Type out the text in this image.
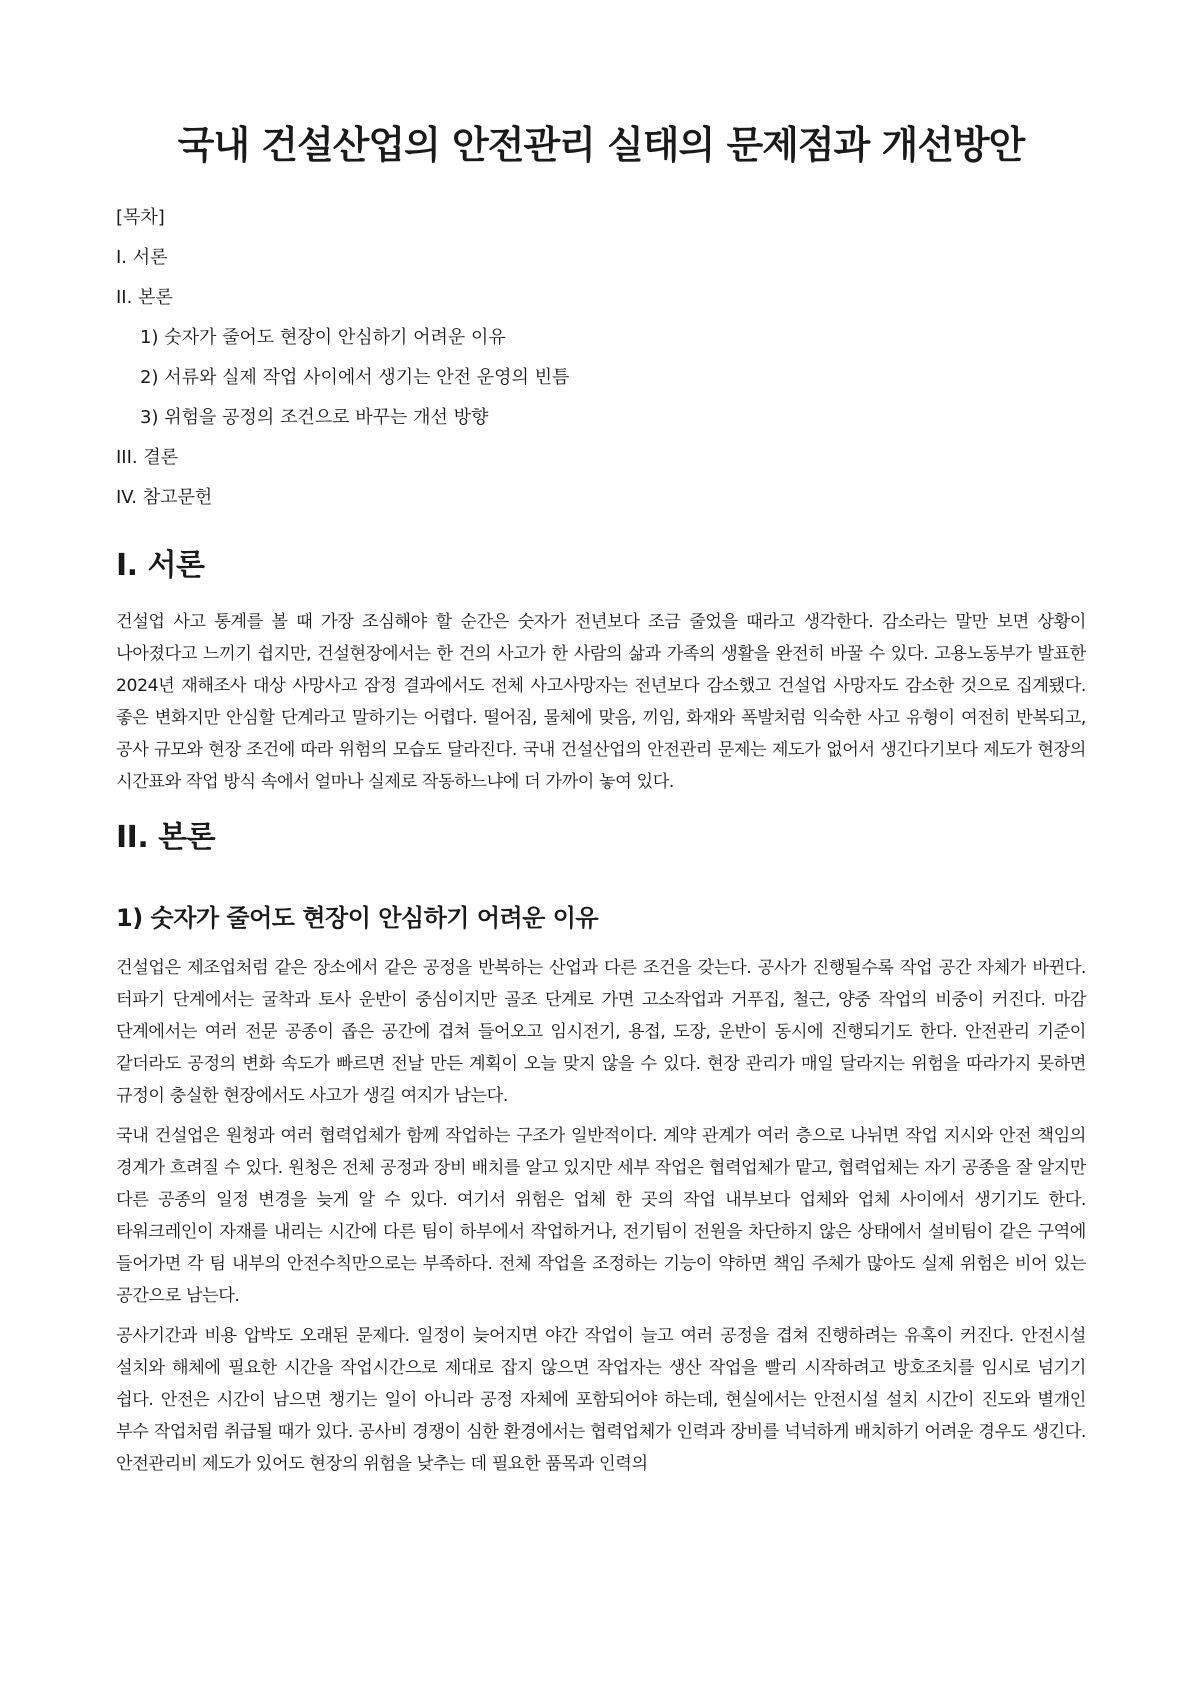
국내 건설산업의 안전관리 실태의 문제점과 개선방안
[목차]
I. 서론
II. 본론
1) 숫자가 줄어도 현장이 안심하기 어려운 이유
2) 서류와 실제 작업 사이에서 생기는 안전 운영의 빈틈
3) 위험을 공정의 조건으로 바꾸는 개선 방향
III. 결론
IV. 참고문헌
I. 서론

건설업 사고 통계를 볼 때 가장 조심해야 할 순간은 숫자가 전년보다 조금 줄었을 때라고 생각한다. 감소라는 말만 보면 상황이 나아졌다고 느끼기 쉽지만, 건설현장에서는 한 건의 사고가 한 사람의 삶과 가족의 생활을 완전히 바꿀 수 있다. 고용노동부가 발표한 2024년 재해조사 대상 사망사고 잠정 결과에서도 전체 사고사망자는 전년보다 감소했고 건설업 사망자도 감소한 것으로 집계됐다. 좋은 변화지만 안심할 단계라고 말하기는 어렵다. 떨어짐, 물체에 맞음, 끼임, 화재와 폭발처럼 익숙한 사고 유형이 여전히 반복되고, 공사 규모와 현장 조건에 따라 위험의 모습도 달라진다. 국내 건설산업의 안전관리 문제는 제도가 없어서 생긴다기보다 제도가 현장의 시간표와 작업 방식 속에서 얼마나 실제로 작동하느냐에 더 가까이 놓여 있다.

II. 본론
1) 숫자가 줄어도 현장이 안심하기 어려운 이유

건설업은 제조업처럼 같은 장소에서 같은 공정을 반복하는 산업과 다른 조건을 갖는다. 공사가 진행될수록 작업 공간 자체가 바뀐다. 터파기 단계에서는 굴착과 토사 운반이 중심이지만 골조 단계로 가면 고소작업과 거푸집, 철근, 양중 작업의 비중이 커진다. 마감 단계에서는 여러 전문 공종이 좁은 공간에 겹쳐 들어오고 임시전기, 용접, 도장, 운반이 동시에 진행되기도 한다. 안전관리 기준이 같더라도 공정의 변화 속도가 빠르면 전날 만든 계획이 오늘 맞지 않을 수 있다. 현장 관리가 매일 달라지는 위험을 따라가지 못하면 규정이 충실한 현장에서도 사고가 생길 여지가 남는다.

국내 건설업은 원청과 여러 협력업체가 함께 작업하는 구조가 일반적이다. 계약 관계가 여러 층으로 나뉘면 작업 지시와 안전 책임의 경계가 흐려질 수 있다. 원청은 전체 공정과 장비 배치를 알고 있지만 세부 작업은 협력업체가 맡고, 협력업체는 자기 공종을 잘 알지만 다른 공종의 일정 변경을 늦게 알 수 있다. 여기서 위험은 업체 한 곳의 작업 내부보다 업체와 업체 사이에서 생기기도 한다. 타워크레인이 자재를 내리는 시간에 다른 팀이 하부에서 작업하거나, 전기팀이 전원을 차단하지 않은 상태에서 설비팀이 같은 구역에 들어가면 각 팀 내부의 안전수칙만으로는 부족하다. 전체 작업을 조정하는 기능이 약하면 책임 주체가 많아도 실제 위험은 비어 있는 공간으로 남는다.

공사기간과 비용 압박도 오래된 문제다. 일정이 늦어지면 야간 작업이 늘고 여러 공정을 겹쳐 진행하려는 유혹이 커진다. 안전시설 설치와 해체에 필요한 시간을 작업시간으로 제대로 잡지 않으면 작업자는 생산 작업을 빨리 시작하려고 방호조치를 임시로 넘기기 쉽다. 안전은 시간이 남으면 챙기는 일이 아니라 공정 자체에 포함되어야 하는데, 현실에서는 안전시설 설치 시간이 진도와 별개인 부수 작업처럼 취급될 때가 있다. 공사비 경쟁이 심한 환경에서는 협력업체가 인력과 장비를 넉넉하게 배치하기 어려운 경우도 생긴다. 안전관리비 제도가 있어도 현장의 위험을 낮추는 데 필요한 품목과 인력의
